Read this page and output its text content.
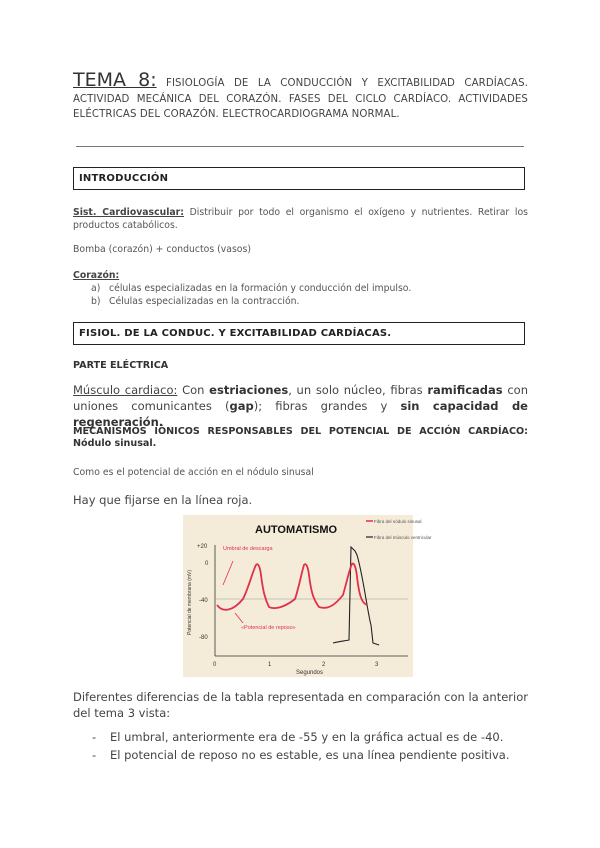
TEMA 8: FISIOLOGÍA DE LA CONDUCCIÓN Y EXCITABILIDAD CARDÍACAS. ACTIVIDAD MECÁNICA DEL CORAZÓN. FASES DEL CICLO CARDÍACO. ACTIVIDADES ELÉCTRICAS DEL CORAZÓN. ELECTROCARDIOGRAMA NORMAL.
INTRODUCCIÓN
Sist. Cardiovascular: Distribuir por todo el organismo el oxígeno y nutrientes. Retirar los productos catabólicos.
Bomba (corazón) + conductos (vasos)
Corazón:
a) células especializadas en la formación y conducción del impulso.
b) Células especializadas en la contracción.
FISIOL. DE LA CONDUC. Y EXCITABILIDAD CARDÍACAS.
PARTE ELÉCTRICA
Músculo cardiaco: Con estriaciones, un solo núcleo, fibras ramificadas con uniones comunicantes (gap); fibras grandes y sin capacidad de regeneración.
MECANISMOS IÓNICOS RESPONSABLES DEL POTENCIAL DE ACCIÓN CARDÍACO: Nódulo sinusal.
Como es el potencial de acción en el nódulo sinusal
Hay que fijarse en la línea roja.
AUTOMATISMO
Fibra del nódulo sinusal
Fibra del músculo ventricular
+20
0
-40
-80
0	1	2	3
Segundos
Potencial de membrana (mV)
Umbral de descarga
«Potencial de reposo»
Diferentes diferencias de la tabla representada en comparación con la anterior del tema 3 vista:
- El umbral, anteriormente era de -55 y en la gráfica actual es de -40.
- El potencial de reposo no es estable, es una línea pendiente positiva.
